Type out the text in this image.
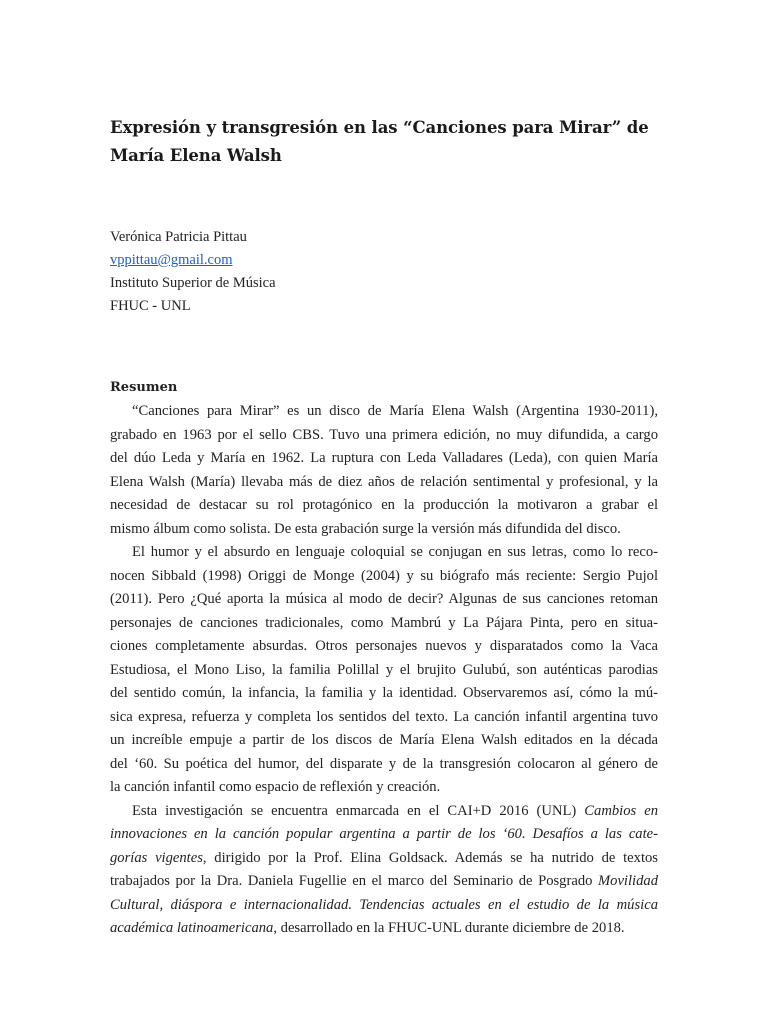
Expresión y transgresión en las “Canciones para Mirar” de
María Elena Walsh
Verónica Patricia Pittau
vppittau@gmail.com
Instituto Superior de Música
FHUC - UNL
Resumen

“Canciones para Mirar” es un disco de María Elena Walsh (Argentina 1930-2011),
grabado en 1963 por el sello CBS. Tuvo una primera edición, no muy difundida, a cargo
del dúo Leda y María en 1962. La ruptura con Leda Valladares (Leda), con quien María
Elena Walsh (María) llevaba más de diez años de relación sentimental y profesional, y la
necesidad de destacar su rol protagónico en la producción la motivaron a grabar el
mismo álbum como solista. De esta grabación surge la versión más difundida del disco.

El humor y el absurdo en lenguaje coloquial se conjugan en sus letras, como lo reco-
nocen Sibbald (1998) Origgi de Monge (2004) y su biógrafo más reciente: Sergio Pujol
(2011). Pero ¿Qué aporta la música al modo de decir? Algunas de sus canciones retoman
personajes de canciones tradicionales, como Mambrú y La Pájara Pinta, pero en situa-
ciones completamente absurdas. Otros personajes nuevos y disparatados como la Vaca
Estudiosa, el Mono Liso, la familia Polillal y el brujito Gulubú, son auténticas parodias
del sentido común, la infancia, la familia y la identidad. Observaremos así, cómo la mú-
sica expresa, refuerza y completa los sentidos del texto. La canción infantil argentina tuvo
un increíble empuje a partir de los discos de María Elena Walsh editados en la década
del ‘60. Su poética del humor, del disparate y de la transgresión colocaron al género de
la canción infantil como espacio de reflexión y creación.

Esta investigación se encuentra enmarcada en el CAI+D 2016 (UNL) Cambios en
innovaciones en la canción popular argentina a partir de los ‘60. Desafíos a las cate-
gorías vigentes, dirigido por la Prof. Elina Goldsack. Además se ha nutrido de textos
trabajados por la Dra. Daniela Fugellie en el marco del Seminario de Posgrado Movilidad
Cultural, diáspora e internacionalidad. Tendencias actuales en el estudio de la música
académica latinoamericana, desarrollado en la FHUC-UNL durante diciembre de 2018.
